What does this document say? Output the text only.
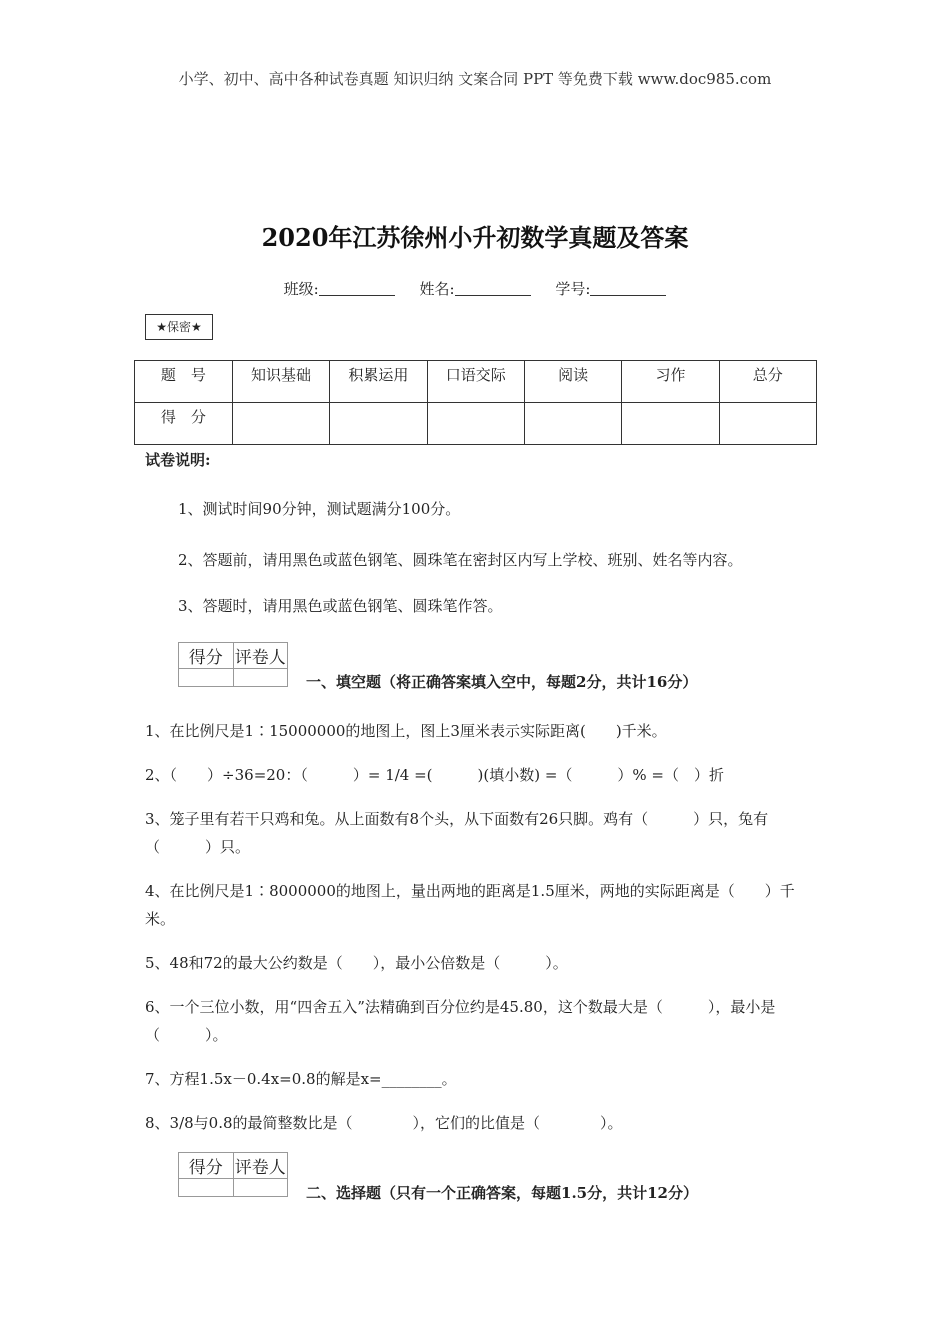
小学、初中、高中各种试卷真题 知识归纳 文案合同 PPT 等免费下载 www.doc985.com
2020年江苏徐州小升初数学真题及答案
班级:	姓名:	学号:
★保密★
题　号	知识基础	积累运用	口语交际	阅读	习作	总分
得　分						
试卷说明:
1、测试时间90分钟，测试题满分100分。
2、答题前，请用黑色或蓝色钢笔、圆珠笔在密封区内写上学校、班别、姓名等内容。
3、答题时，请用黑色或蓝色钢笔、圆珠笔作答。
得分	评卷人

一、填空题（将正确答案填入空中，每题2分，共计16分）
1、在比例尺是1∶15000000的地图上，图上3厘米表示实际距离(　　)千米。
2、（　　）÷36=20：（　　　）= 1/4 =(　　　)(填小数) =（　　　）% =（　）折
3、笼子里有若干只鸡和兔。从上面数有8个头，从下面数有26只脚。鸡有（　　　）只，兔有（　　　）只。
4、在比例尺是1∶8000000的地图上，量出两地的距离是1.5厘米，两地的实际距离是（　　）千米。
5、48和72的最大公约数是（　　），最小公倍数是（　　　）。
6、一个三位小数，用“四舍五入”法精确到百分位约是45.80，这个数最大是（　　　），最小是（　　　）。
7、方程1.5x－0.4x=0.8的解是x=________。
8、3/8与0.8的最简整数比是（　　　　），它们的比值是（　　　　）。
得分	评卷人

二、选择题（只有一个正确答案，每题1.5分，共计12分）
